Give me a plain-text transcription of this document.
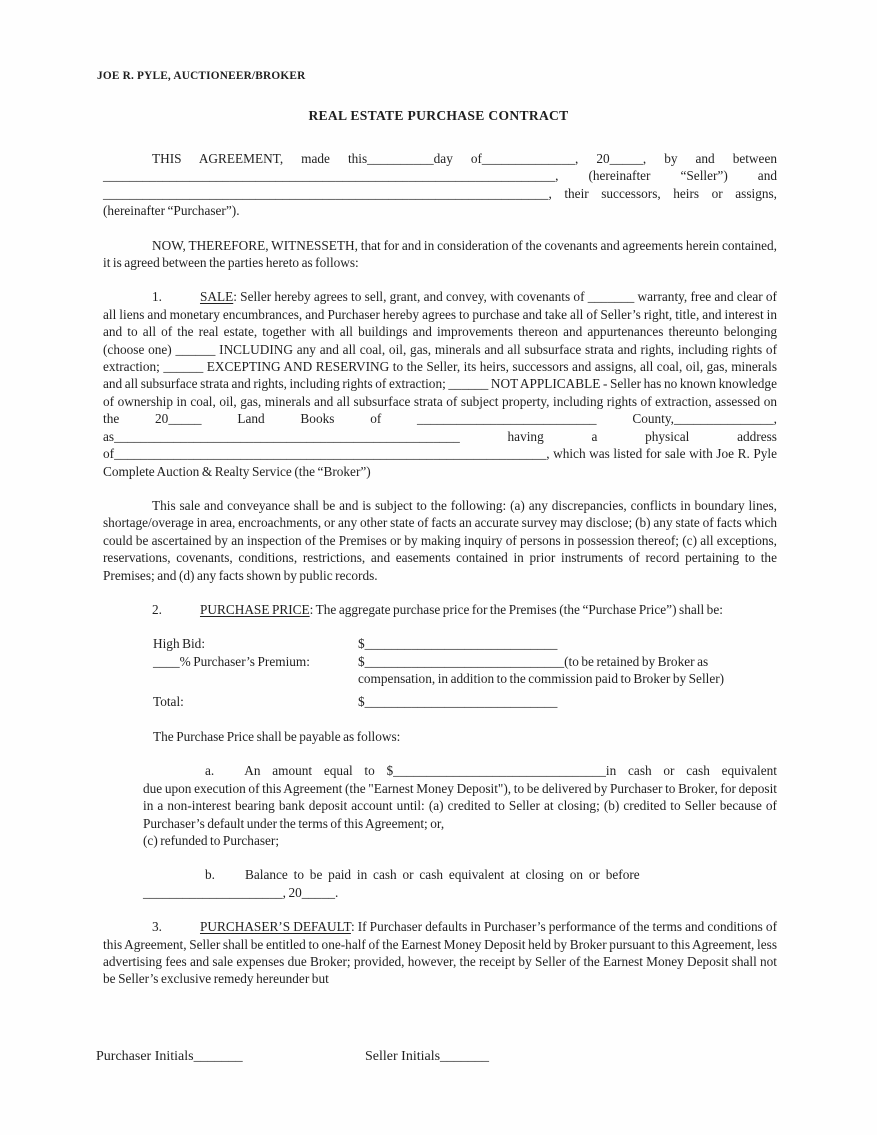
JOE R. PYLE, AUCTIONEER/BROKER
REAL ESTATE PURCHASE CONTRACT

THIS AGREEMENT, made this__________day of______________, 20_____, by and between ____________________________________________________________________, (hereinafter “Seller”) and ___________________________________________________________________, their successors, heirs or assigns, (hereinafter “Purchaser”).

NOW, THEREFORE, WITNESSETH, that for and in consideration of the covenants and agreements herein contained, it is agreed between the parties hereto as follows:

1.	SALE: Seller hereby agrees to sell, grant, and convey, with covenants of _______ warranty, free and clear of all liens and monetary encumbrances, and Purchaser hereby agrees to purchase and take all of Seller’s right, title, and interest in and to all of the real estate, together with all buildings and improvements thereon and appurtenances thereunto belonging (choose one) ______ INCLUDING any and all coal, oil, gas, minerals and all subsurface strata and rights, including rights of extraction; ______ EXCEPTING AND RESERVING to the Seller, its heirs, successors and assigns, all coal, oil, gas, minerals and all subsurface strata and rights, including rights of extraction; ______ NOT APPLICABLE - Seller has no known knowledge of ownership in coal, oil, gas, minerals and all subsurface strata of subject property, including rights of extraction, assessed on the 20_____ Land Books of ___________________________ County,_______________, as____________________________________________________ having a physical address of_________________________________________________________________, which was listed for sale with Joe R. Pyle Complete Auction & Realty Service (the “Broker”)

This sale and conveyance shall be and is subject to the following: (a) any discrepancies, conflicts in boundary lines, shortage/overage in area, encroachments, or any other state of facts an accurate survey may disclose; (b) any state of facts which could be ascertained by an inspection of the Premises or by making inquiry of persons in possession thereof; (c) all exceptions, reservations, covenants, conditions, restrictions, and easements contained in prior instruments of record pertaining to the Premises; and (d) any facts shown by public records.

2.	PURCHASE PRICE: The aggregate purchase price for the Premises (the “Purchase Price”) shall be:

High Bid:	$_____________________________
____% Purchaser’s Premium:	$______________________________(to be retained by Broker as compensation, in addition to the commission paid to Broker by Seller)
Total:	$_____________________________
The Purchase Price shall be payable as follows:
a. An amount equal to $________________________________in cash or cash equivalent

due upon execution of this Agreement (the "Earnest Money Deposit"), to be delivered by Purchaser to Broker, for deposit in a non-interest bearing bank deposit account until: (a) credited to Seller at closing; (b) credited to Seller because of Purchaser’s default under the terms of this Agreement; or,

(c) refunded to Purchaser;
b. Balance to be paid in cash or cash equivalent at closing on or before
_____________________, 20_____.

3.	PURCHASER’S DEFAULT: If Purchaser defaults in Purchaser’s performance of the terms and conditions of this Agreement, Seller shall be entitled to one-half of the Earnest Money Deposit held by Broker pursuant to this Agreement, less advertising fees and sale expenses due Broker; provided, however, the receipt by Seller of the Earnest Money Deposit shall not be Seller’s exclusive remedy hereunder but

Purchaser Initials_______	Seller Initials_______
